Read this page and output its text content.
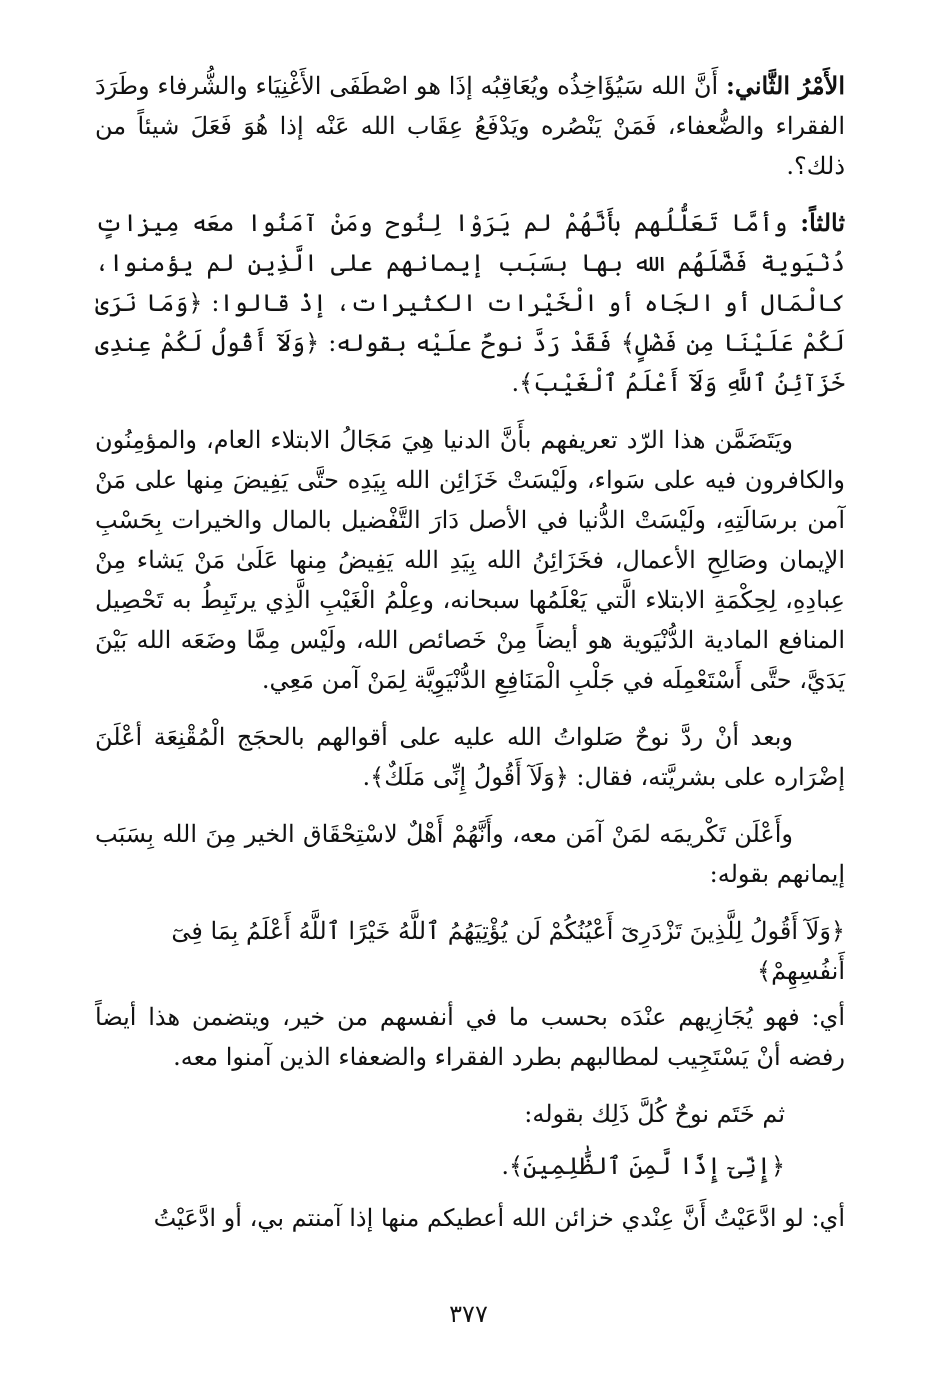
الأَمْرُ الثَّاني: أَنَّ الله سَيُؤَاخِذُه ويُعَاقِبُه إذَا هو اصْطَفَى الأَغْنِيَاء والشُّرفاء وطَرَدَ الفقراء والضُّعفاء، فَمَنْ يَنْصُره ويَدْفَعُ عِقَاب الله عَنْه إذا هُوَ فَعَلَ شيئاً من ذلك؟.

ثالثاً: وأمَّا تَعَلُّلُهم بأَنَّهُمْ لم يَرَوْا لِنُوح ومَنْ آمَنُوا معَه مِيزاتٍ دُنْيَوية فَضَّلَهُم الله بها بسَبَب إيمانهم على الَّذِين لم يؤمنوا، كالْمَال أو الجَاه أو الْخَيْرات الكثيرات، إذْ قالوا: ﴿وَمَا نَرَىٰ لَكُمْ عَلَيْنَا مِن فَضْلٍ﴾ فَقَدْ رَدَّ نوحٌ علَيْه بقوله: ﴿وَلَآ أَقُولُ لَكُمْ عِندِى خَزَآئِنُ ٱللَّهِ وَلَآ أَعْلَمُ ٱلْغَيْبَ﴾.

ويَتَضَمَّن هذا الرّد تعريفهم بأَنَّ الدنيا هِيَ مَجَالُ الابتلاء العام، والمؤمِنُون والكافرون فيه على سَواء، ولَيْسَتْ خَزَائِن الله بِيَدِه حتَّى يَفِيضَ مِنها على مَنْ آمن برسَالَتِهِ، ولَيْسَتْ الدُّنيا في الأصل دَارَ التَّفْضيل بالمال والخيرات بِحَسْبِ الإيمان وصَالِحِ الأعمال، فخَزَائِنُ الله بِيَدِ الله يَفِيضُ مِنها عَلَىٰ مَنْ يَشاء مِنْ عِبادِهِ، لِحِكْمَةِ الابتلاء الَّتي يَعْلَمُها سبحانه، وعِلْمُ الْغَيْبِ الَّذِي يرتَبِطُ به تَحْصِيل المنافع المادية الدُّنْيَوية هو أيضاً مِنْ خَصائص الله، ولَيْس مِمَّا وضَعَه الله بَيْنَ يَدَيَّ، حتَّى أَسْتَعْمِلَه في جَلْبِ الْمَنَافِعِ الدُّنْيَوِيَّة لِمَنْ آمن مَعِي.

وبعد أنْ ردَّ نوحٌ صَلواتُ الله عليه على أقوالهم بالحجَج الْمُقْنِعَة أعْلَنَ إضْرَاره على بشريَّته، فقال: ﴿وَلَآ أَقُولُ إِنِّى مَلَكٌ﴾.

وأَعْلَن تَكْريمَه لمَنْ آمَن معه، وأَنَّهُمْ أَهْلٌ لاسْتِحْقَاق الخير مِنَ الله بِسَبَب إيمانهم بقوله:

﴿وَلَآ أَقُولُ لِلَّذِينَ تَزْدَرِىٓ أَعْيُنُكُمْ لَن يُؤْتِيَهُمُ ٱللَّهُ خَيْرًا ٱللَّهُ أَعْلَمُ بِمَا فِىٓ أَنفُسِهِمْ﴾

أي: فهو يُجَازِيهم عنْدَه بحسب ما في أنفسهم من خير، ويتضمن هذا أيضاً رفضه أنْ يَسْتَجِيب لمطالبهم بطرد الفقراء والضعفاء الذين آمنوا معه.

ثم خَتَم نوحٌ كُلَّ ذَلِك بقوله:

﴿إِنِّىٓ إِذًا لَّمِنَ ٱلظَّٰلِمِينَ﴾.

أي: لو ادَّعَيْتُ أَنَّ عِنْدي خزائن الله أعطيكم منها إذا آمنتم بي، أو ادَّعَيْتُ

٣٧٧
